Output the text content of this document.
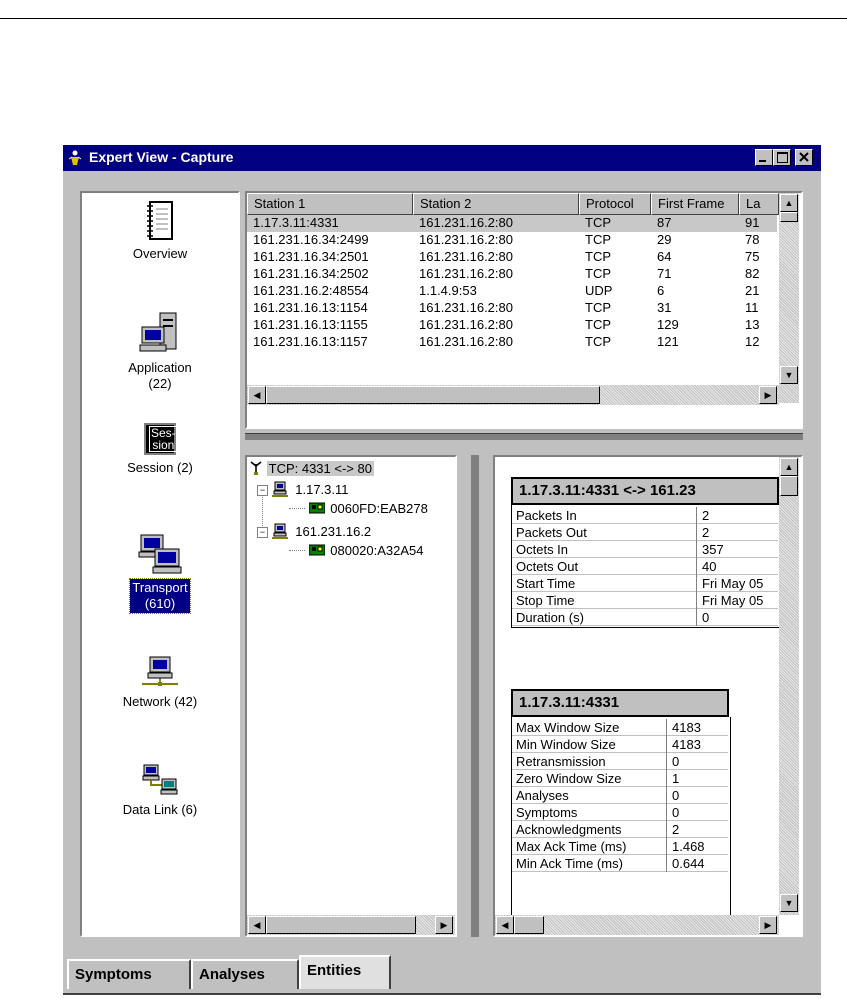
Expert View - Capture
Overview
Application
(22)
Ses-
sion
Session (2)
Transport
(610)
Network (42)
Data Link (6)
Station 1	Station 2	Protocol	First Frame	La
1.17.3.11:4331	161.231.16.2:80	TCP	87	91
161.231.16.34:2499	161.231.16.2:80	TCP	29	78
161.231.16.34:2501	161.231.16.2:80	TCP	64	75
161.231.16.34:2502	161.231.16.2:80	TCP	71	82
161.231.16.2:48554	1.1.4.9:53	UDP	6	21
161.231.16.13:1154	161.231.16.2:80	TCP	31	11
161.231.16.13:1155	161.231.16.2:80	TCP	129	13
161.231.16.13:1157	161.231.16.2:80	TCP	121	12
▲
▼
◀	▶
TCP: 4331 <-> 80
− 1.17.3.11
0060FD:EAB278
− 161.231.16.2
080020:A32A54
◀	▶
1.17.3.11:4331 <-> 161.23
Packets In	2
Packets Out	2
Octets In	357
Octets Out	40
Start Time	Fri May 05
Stop Time	Fri May 05
Duration (s)	0
1.17.3.11:4331
Max Window Size	4183
Min Window Size	4183
Retransmission	0
Zero Window Size	1
Analyses	0
Symptoms	0
Acknowledgments	2
Max Ack Time (ms)	1.468
Min Ack Time (ms)	0.644
▲
▼
◀	▶
Symptoms	Analyses	Entities
